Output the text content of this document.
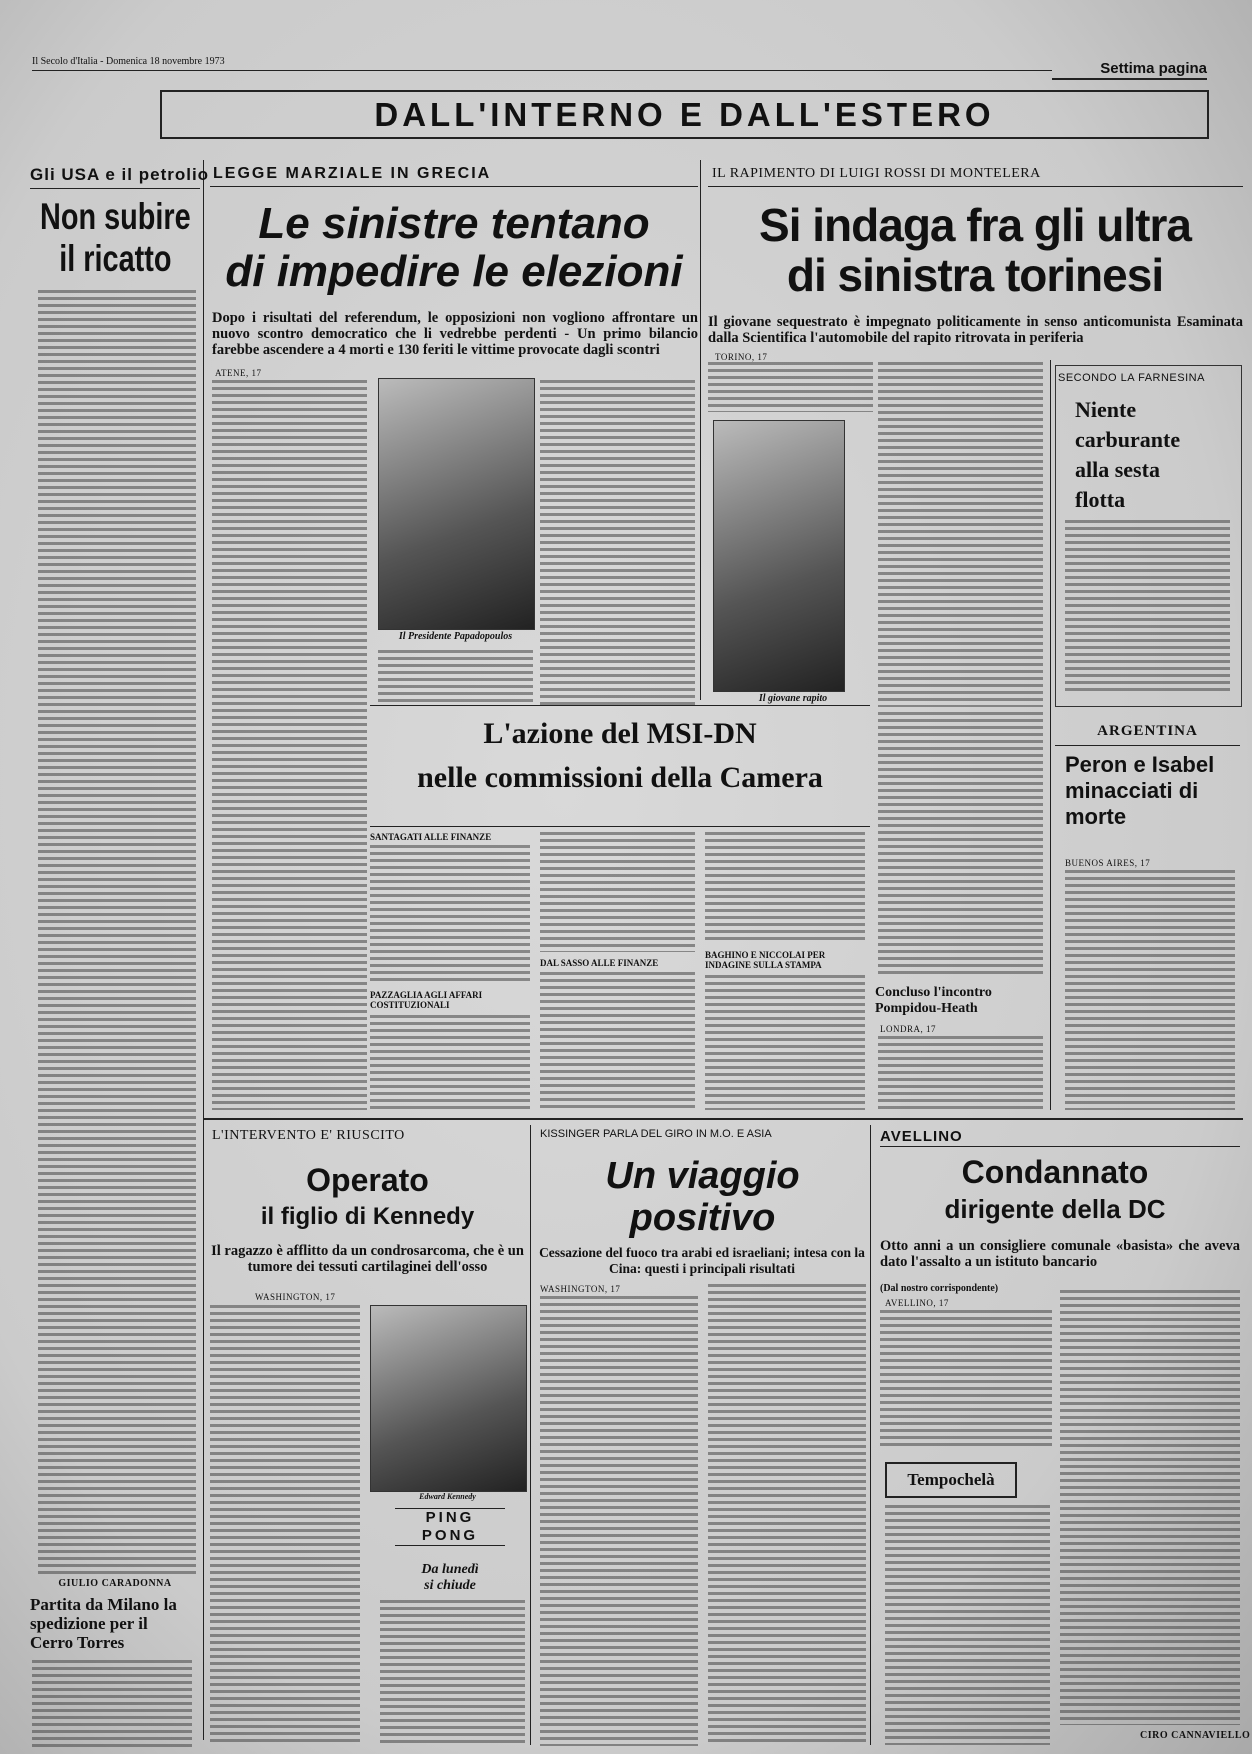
Il Secolo d'Italia - Domenica 18 novembre 1973	Settima pagina
DALL'INTERNO E DALL'ESTERO
Gli USA e il petrolio
Non subire il ricatto
GIULIO CARADONNA
Partita da Milano la spedizione per il Cerro Torres
LEGGE MARZIALE IN GRECIA
Le sinistre tentano
di impedire le elezioni
Dopo i risultati del referendum, le opposizioni non vogliono affrontare un nuovo scontro democratico che li vedrebbe perdenti - Un primo bilancio farebbe ascendere a 4 morti e 130 feriti le vittime provocate dagli scontri
ATENE, 17
Il Presidente Papadopoulos
IL RAPIMENTO DI LUIGI ROSSI DI MONTELERA
Si indaga fra gli ultra
di sinistra torinesi
Il giovane sequestrato è impegnato politicamente in senso anticomunista Esaminata dalla Scientifica l'automobile del rapito ritrovata in periferia
TORINO, 17
Il giovane rapito
SECONDO LA FARNESINA
Niente carburante alla sesta flotta
ARGENTINA
Peron e Isabel minacciati di morte
BUENOS AIRES, 17
L'azione del MSI-DN
nelle commissioni della Camera
SANTAGATI ALLE FINANZE
PAZZAGLIA AGLI AFFARI COSTITUZIONALI
DAL SASSO ALLE FINANZE
BAGHINO E NICCOLAI PER INDAGINE SULLA STAMPA
Concluso l'incontro Pompidou-Heath
LONDRA, 17
L'INTERVENTO E' RIUSCITO
Operato
il figlio di Kennedy
Il ragazzo è afflitto da un condrosarcoma, che è un tumore dei tessuti cartilaginei dell'osso
WASHINGTON, 17
Edward Kennedy
PING
PONG
Da lunedì
si chiude
KISSINGER PARLA DEL GIRO IN M.O. E ASIA
Un viaggio
positivo
Cessazione del fuoco tra arabi ed israeliani; intesa con la Cina: questi i principali risultati
WASHINGTON, 17
AVELLINO
Condannato
dirigente della DC
Otto anni a un consigliere comunale «basista» che aveva dato l'assalto a un istituto bancario
(Dal nostro corrispondente)
AVELLINO, 17
Tempochelà
CIRO CANNAVIELLO
